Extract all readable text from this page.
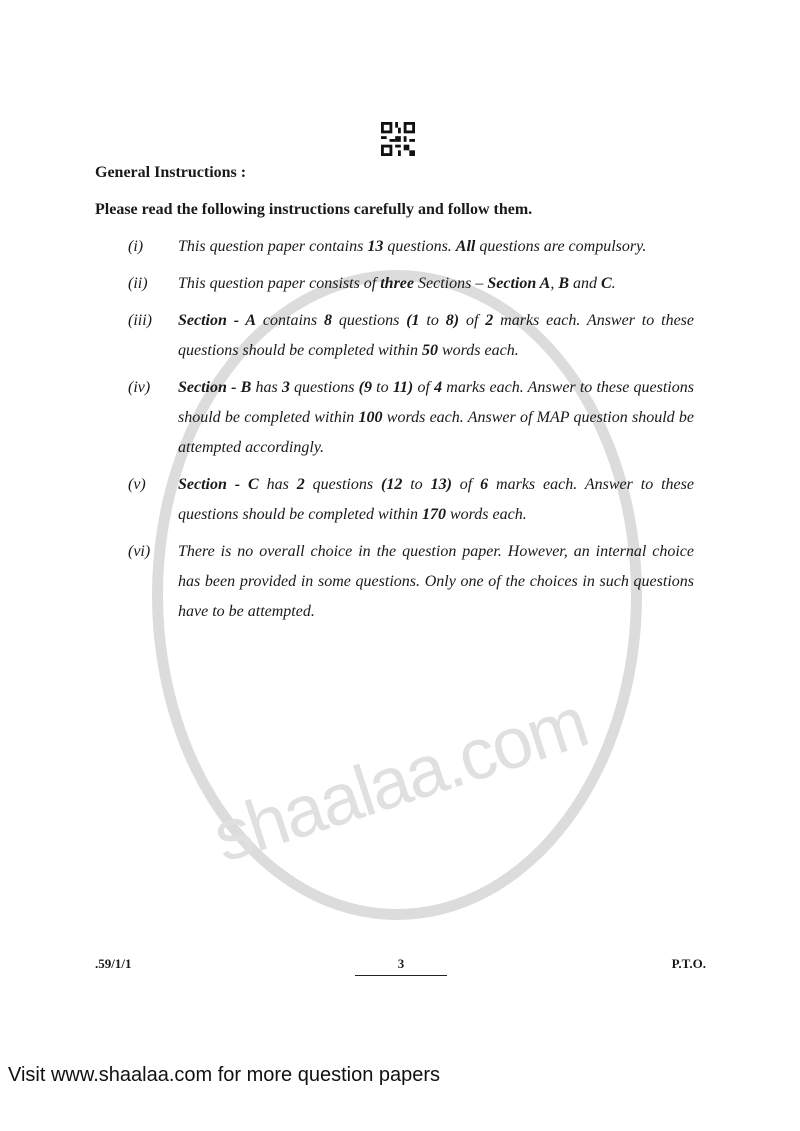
shaalaa.com
General Instructions :
Please read the following instructions carefully and follow them.
(i)	This question paper contains 13 questions. All questions are compulsory.
(ii)	This question paper consists of three Sections – Section A, B and C.
(iii)	Section - A contains 8 questions (1 to 8) of 2 marks each. Answer to these questions should be completed within 50 words each.
(iv)	Section - B has 3 questions (9 to 11) of 4 marks each. Answer to these questions should be completed within 100 words each. Answer of MAP question should be attempted accordingly.
(v)	Section - C has 2 questions (12 to 13) of 6 marks each. Answer to these questions should be completed within 170 words each.
(vi)	There is no overall choice in the question paper. However, an internal choice has been provided in some questions. Only one of the choices in such questions have to be attempted.
.59/1/1	3	P.T.O.
Visit www.shaalaa.com for more question papers
